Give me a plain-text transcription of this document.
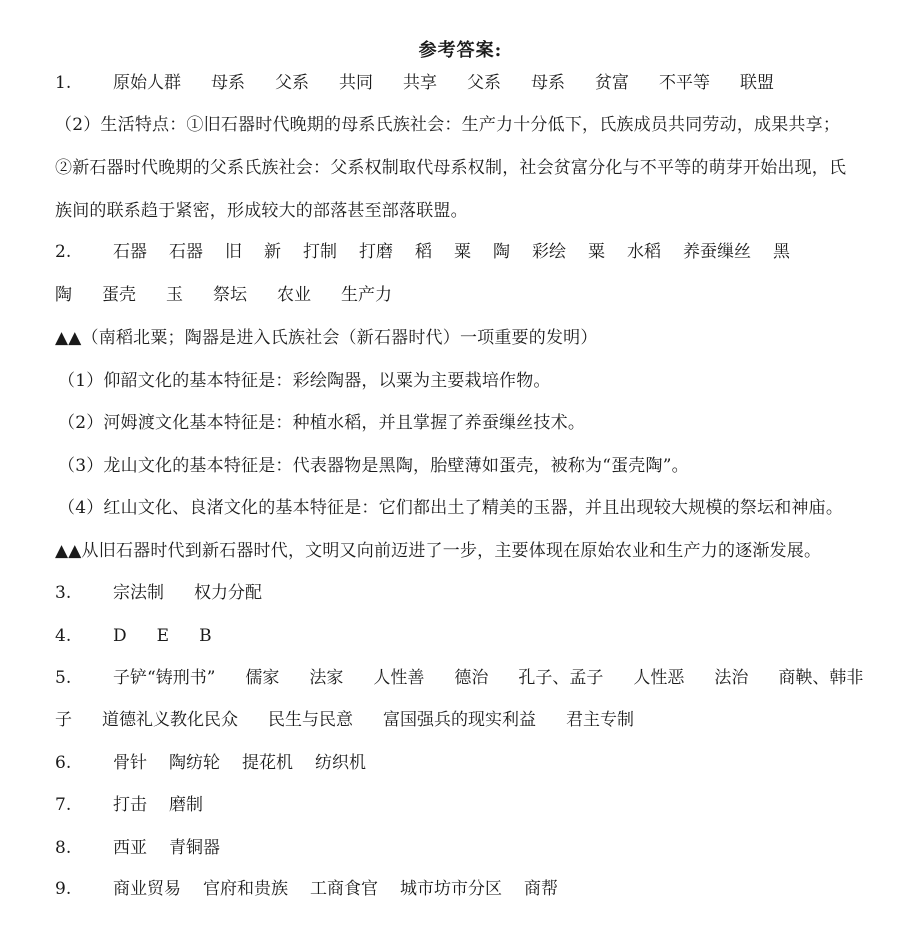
参考答案:
1.	原始人群 母系 父系 共同 共享 父系 母系 贫富 不平等 联盟
（2）生活特点：①旧石器时代晚期的母系氏族社会：生产力十分低下，氏族成员共同劳动，成果共享；
②新石器时代晚期的父系氏族社会：父系权制取代母系权制，社会贫富分化与不平等的萌芽开始出现，氏
族间的联系趋于紧密，形成较大的部落甚至部落联盟。
2.	石器 石器 旧 新 打制 打磨 稻 粟 陶 彩绘 粟 水稻 养蚕缫丝 黑
陶 蛋壳 玉 祭坛 农业 生产力
▲▲（南稻北粟；陶器是进入氏族社会（新石器时代）一项重要的发明）
（1）仰韶文化的基本特征是：彩绘陶器，以粟为主要栽培作物。
（2）河姆渡文化基本特征是：种植水稻，并且掌握了养蚕缫丝技术。
（3）龙山文化的基本特征是：代表器物是黑陶，胎壁薄如蛋壳，被称为“蛋壳陶”。
（4）红山文化、良渚文化的基本特征是：它们都出土了精美的玉器，并且出现较大规模的祭坛和神庙。
▲▲从旧石器时代到新石器时代，文明又向前迈进了一步，主要体现在原始农业和生产力的逐渐发展。
3.	宗法制 权力分配
4.	D E B
5.	子铲“铸刑书” 儒家 法家 人性善 德治 孔子、孟子 人性恶 法治 商鞅、韩非
子 道德礼义教化民众 民生与民意 富国强兵的现实利益 君主专制
6.	骨针 陶纺轮 提花机 纺织机
7.	打击 磨制
8.	西亚 青铜器
9.	商业贸易 官府和贵族 工商食官 城市坊市分区 商帮
